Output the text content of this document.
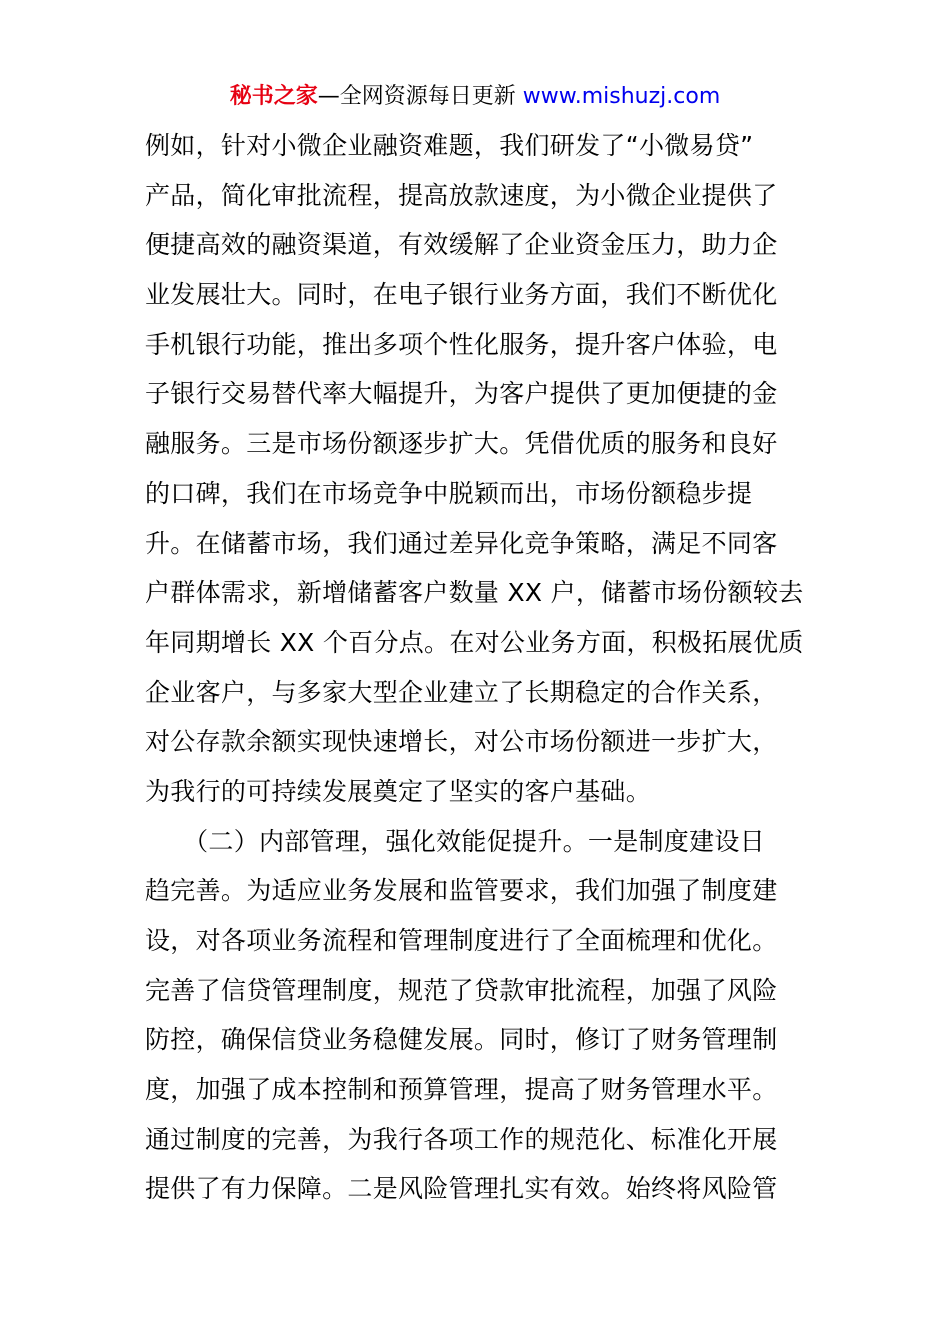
秘书之家—全网资源每日更新 www.mishuzj.com
例如，针对小微企业融资难题，我们研发了“小微易贷”
产品，简化审批流程，提高放款速度，为小微企业提供了
便捷高效的融资渠道，有效缓解了企业资金压力，助力企
业发展壮大。同时，在电子银行业务方面，我们不断优化
手机银行功能，推出多项个性化服务，提升客户体验，电
子银行交易替代率大幅提升，为客户提供了更加便捷的金
融服务。三是市场份额逐步扩大。凭借优质的服务和良好
的口碑，我们在市场竞争中脱颖而出，市场份额稳步提
升。在储蓄市场，我们通过差异化竞争策略，满足不同客
户群体需求，新增储蓄客户数量 XX 户，储蓄市场份额较去
年同期增长 XX 个百分点。在对公业务方面，积极拓展优质
企业客户，与多家大型企业建立了长期稳定的合作关系，
对公存款余额实现快速增长，对公市场份额进一步扩大，
为我行的可持续发展奠定了坚实的客户基础。
　　（二）内部管理，强化效能促提升。一是制度建设日
趋完善。为适应业务发展和监管要求，我们加强了制度建
设，对各项业务流程和管理制度进行了全面梳理和优化。
完善了信贷管理制度，规范了贷款审批流程，加强了风险
防控，确保信贷业务稳健发展。同时，修订了财务管理制
度，加强了成本控制和预算管理，提高了财务管理水平。
通过制度的完善，为我行各项工作的规范化、标准化开展
提供了有力保障。二是风险管理扎实有效。始终将风险管
